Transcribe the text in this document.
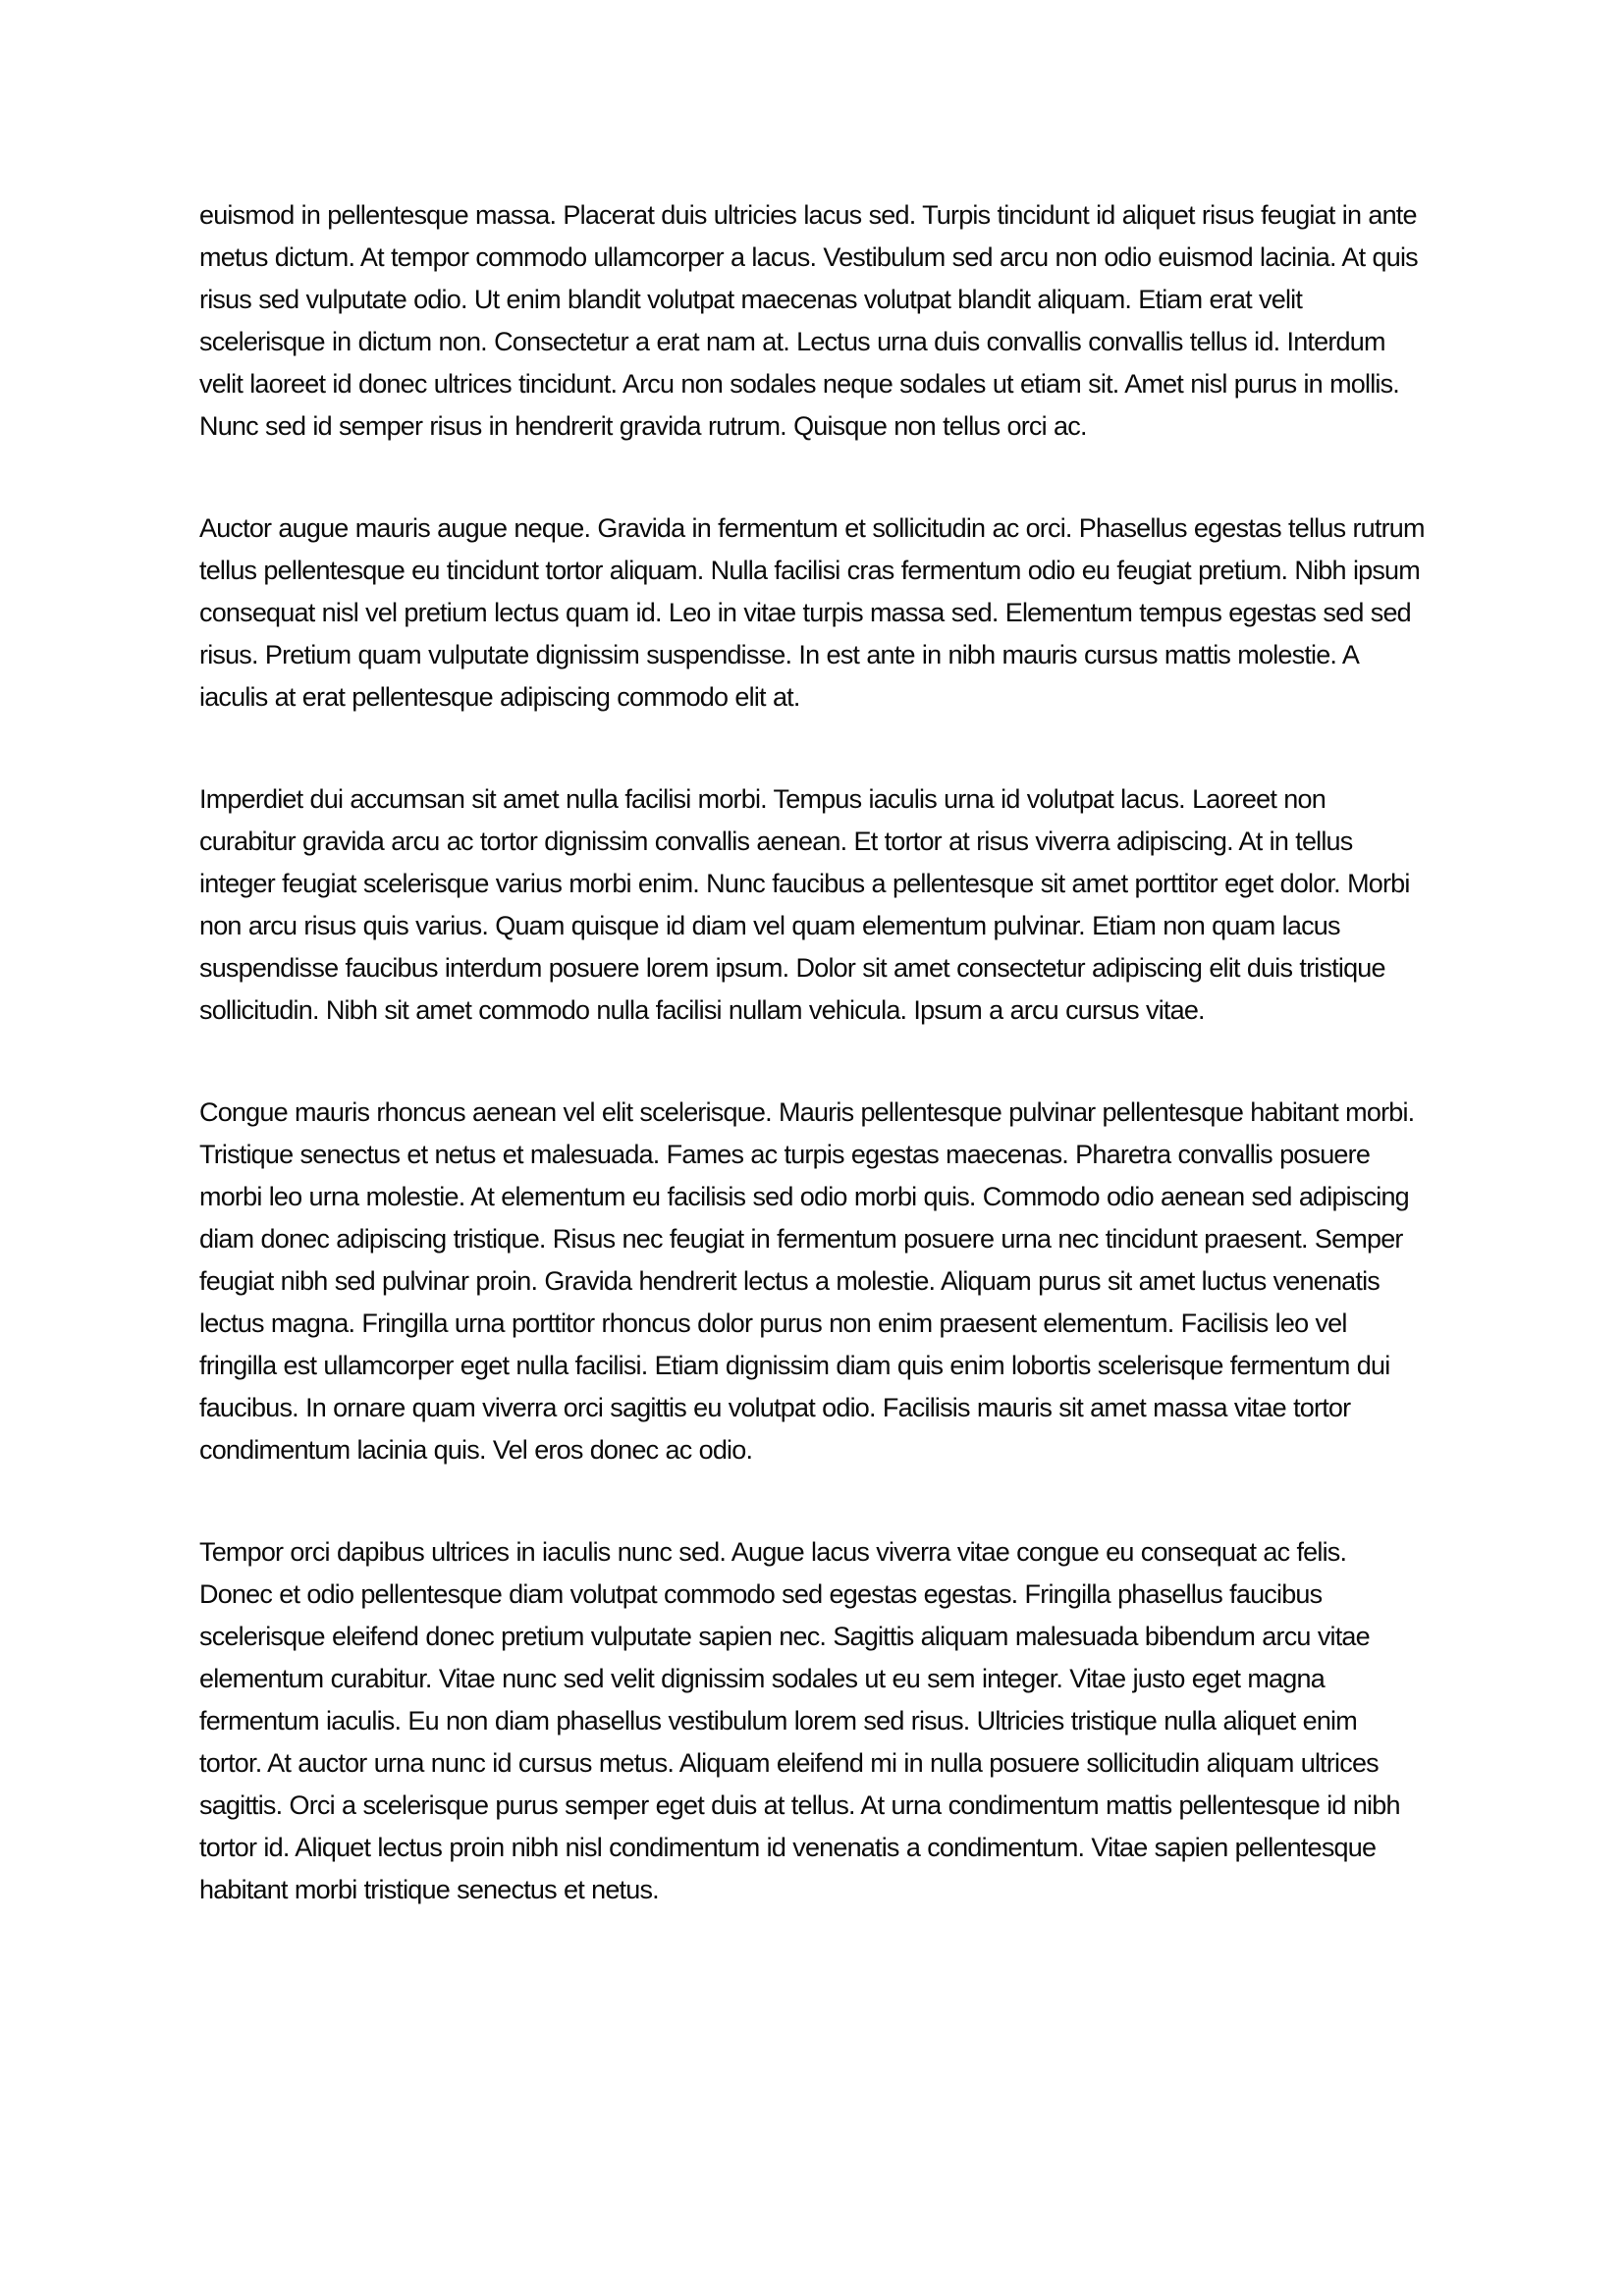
euismod in pellentesque massa. Placerat duis ultricies lacus sed. Turpis tincidunt id aliquet risus feugiat in ante metus dictum. At tempor commodo ullamcorper a lacus. Vestibulum sed arcu non odio euismod lacinia. At quis risus sed vulputate odio. Ut enim blandit volutpat maecenas volutpat blandit aliquam. Etiam erat velit scelerisque in dictum non. Consectetur a erat nam at. Lectus urna duis convallis convallis tellus id. Interdum velit laoreet id donec ultrices tincidunt. Arcu non sodales neque sodales ut etiam sit. Amet nisl purus in mollis. Nunc sed id semper risus in hendrerit gravida rutrum. Quisque non tellus orci ac.

Auctor augue mauris augue neque. Gravida in fermentum et sollicitudin ac orci. Phasellus egestas tellus rutrum tellus pellentesque eu tincidunt tortor aliquam. Nulla facilisi cras fermentum odio eu feugiat pretium. Nibh ipsum consequat nisl vel pretium lectus quam id. Leo in vitae turpis massa sed. Elementum tempus egestas sed sed risus. Pretium quam vulputate dignissim suspendisse. In est ante in nibh mauris cursus mattis molestie. A iaculis at erat pellentesque adipiscing commodo elit at.

Imperdiet dui accumsan sit amet nulla facilisi morbi. Tempus iaculis urna id volutpat lacus. Laoreet non curabitur gravida arcu ac tortor dignissim convallis aenean. Et tortor at risus viverra adipiscing. At in tellus integer feugiat scelerisque varius morbi enim. Nunc faucibus a pellentesque sit amet porttitor eget dolor. Morbi non arcu risus quis varius. Quam quisque id diam vel quam elementum pulvinar. Etiam non quam lacus suspendisse faucibus interdum posuere lorem ipsum. Dolor sit amet consectetur adipiscing elit duis tristique sollicitudin. Nibh sit amet commodo nulla facilisi nullam vehicula. Ipsum a arcu cursus vitae.

Congue mauris rhoncus aenean vel elit scelerisque. Mauris pellentesque pulvinar pellentesque habitant morbi. Tristique senectus et netus et malesuada. Fames ac turpis egestas maecenas. Pharetra convallis posuere morbi leo urna molestie. At elementum eu facilisis sed odio morbi quis. Commodo odio aenean sed adipiscing diam donec adipiscing tristique. Risus nec feugiat in fermentum posuere urna nec tincidunt praesent. Semper feugiat nibh sed pulvinar proin. Gravida hendrerit lectus a molestie. Aliquam purus sit amet luctus venenatis lectus magna. Fringilla urna porttitor rhoncus dolor purus non enim praesent elementum. Facilisis leo vel fringilla est ullamcorper eget nulla facilisi. Etiam dignissim diam quis enim lobortis scelerisque fermentum dui faucibus. In ornare quam viverra orci sagittis eu volutpat odio. Facilisis mauris sit amet massa vitae tortor condimentum lacinia quis. Vel eros donec ac odio.

Tempor orci dapibus ultrices in iaculis nunc sed. Augue lacus viverra vitae congue eu consequat ac felis. Donec et odio pellentesque diam volutpat commodo sed egestas egestas. Fringilla phasellus faucibus scelerisque eleifend donec pretium vulputate sapien nec. Sagittis aliquam malesuada bibendum arcu vitae elementum curabitur. Vitae nunc sed velit dignissim sodales ut eu sem integer. Vitae justo eget magna fermentum iaculis. Eu non diam phasellus vestibulum lorem sed risus. Ultricies tristique nulla aliquet enim tortor. At auctor urna nunc id cursus metus. Aliquam eleifend mi in nulla posuere sollicitudin aliquam ultrices sagittis. Orci a scelerisque purus semper eget duis at tellus. At urna condimentum mattis pellentesque id nibh tortor id. Aliquet lectus proin nibh nisl condimentum id venenatis a condimentum. Vitae sapien pellentesque habitant morbi tristique senectus et netus.
